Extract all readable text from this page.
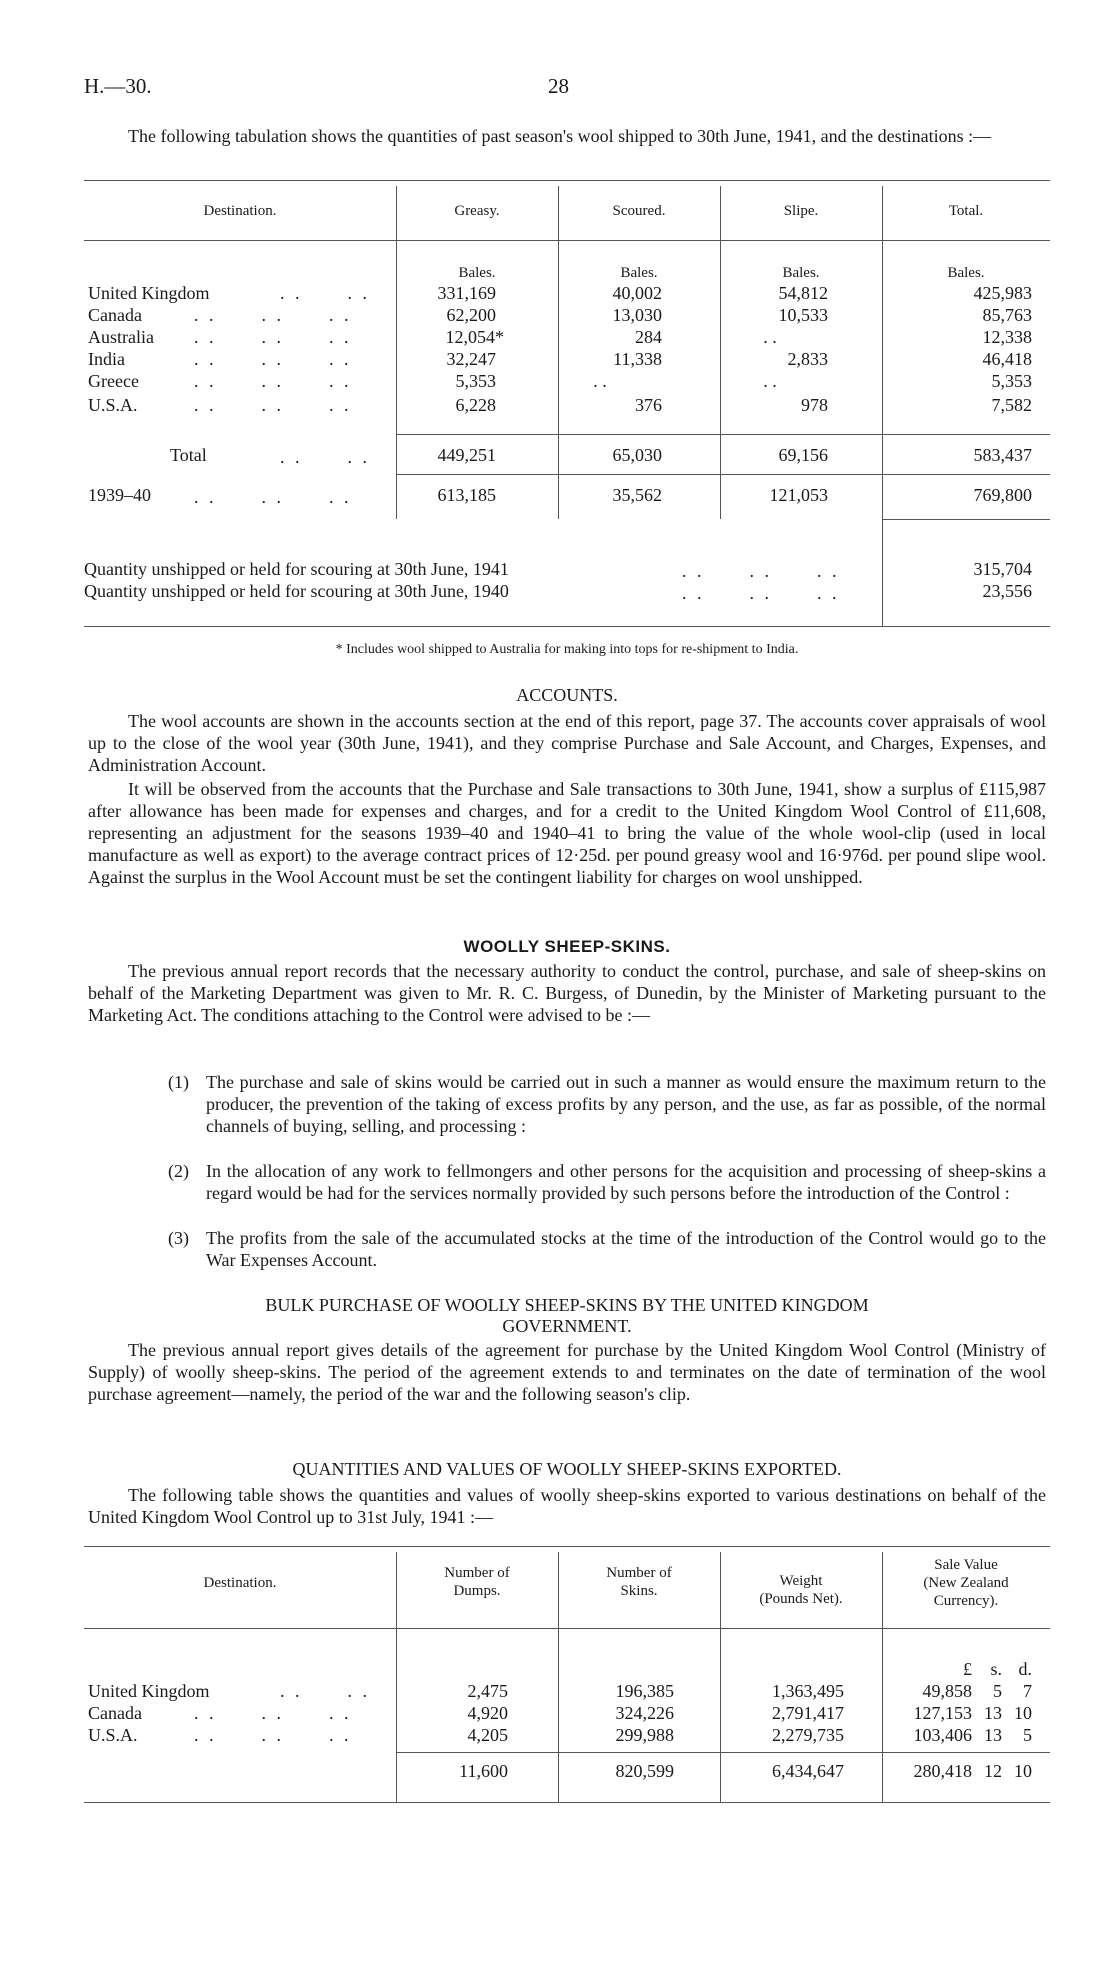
H.—30.	28
The following tabulation shows the quantities of past season's wool shipped to 30th June, 1941, and the destinations :—
Destination.	Greasy.	Scoured.	Slipe.	Total.
Bales.	Bales.	Bales.	Bales.
United Kingdom	. .      . .	331,169	40,002	54,812	425,983
Canada	. .      . .      . .	62,200	13,030	10,533	85,763
Australia . .      . .      . .	12,054*	284	. .	12,338
India	. .      . .      . .	32,247	11,338	2,833	46,418
Greece	. .      . .      . .	5,353	. .	. .	5,353
U.S.A.	. .      . .      . .	6,228	376	978	7,582
Total	. .      . .	449,251	65,030	69,156	583,437
1939–40 . .      . .      . .	613,185	35,562	121,053	769,800
Quantity unshipped or held for scouring at 30th June, 1941	. .      . .      . .	315,704
Quantity unshipped or held for scouring at 30th June, 1940	. .      . .      . .	23,556
* Includes wool shipped to Australia for making into tops for re-shipment to India.
ACCOUNTS.
The wool accounts are shown in the accounts section at the end of this report, page 37. The accounts cover appraisals of wool up to the close of the wool year (30th June, 1941), and they comprise Purchase and Sale Account, and Charges, Expenses, and Administration Account.
It will be observed from the accounts that the Purchase and Sale transactions to 30th June, 1941, show a surplus of £115,987 after allowance has been made for expenses and charges, and for a credit to the United Kingdom Wool Control of £11,608, representing an adjustment for the seasons 1939–40 and 1940–41 to bring the value of the whole wool-clip (used in local manufacture as well as export) to the average contract prices of 12·25d. per pound greasy wool and 16·976d. per pound slipe wool. Against the surplus in the Wool Account must be set the contingent liability for charges on wool unshipped.
WOOLLY SHEEP-SKINS.
The previous annual report records that the necessary authority to conduct the control, purchase, and sale of sheep-skins on behalf of the Marketing Department was given to Mr. R. C. Burgess, of Dunedin, by the Minister of Marketing pursuant to the Marketing Act. The conditions attaching to the Control were advised to be :—
(1) The purchase and sale of skins would be carried out in such a manner as would ensure the maximum return to the producer, the prevention of the taking of excess profits by any person, and the use, as far as possible, of the normal channels of buying, selling, and processing :
(2) In the allocation of any work to fellmongers and other persons for the acquisition and processing of sheep-skins a regard would be had for the services normally provided by such persons before the introduction of the Control :
(3) The profits from the sale of the accumulated stocks at the time of the introduction of the Control would go to the War Expenses Account.
BULK PURCHASE OF WOOLLY SHEEP-SKINS BY THE UNITED KINGDOM
GOVERNMENT.
The previous annual report gives details of the agreement for purchase by the United Kingdom Wool Control (Ministry of Supply) of woolly sheep-skins. The period of the agreement extends to and terminates on the date of termination of the wool purchase agreement—namely, the period of the war and the following season's clip.
QUANTITIES AND VALUES OF WOOLLY SHEEP-SKINS EXPORTED.
The following table shows the quantities and values of woolly sheep-skins exported to various destinations on behalf of the United Kingdom Wool Control up to 31st July, 1941 :—
Destination.
Number of
Dumps.
Number of
Skins.
Weight
(Pounds Net).
Sale Value
(New Zealand
Currency).
£	s. d.
United Kingdom	. .      . .	2,475	196,385	1,363,495	49,858	5	7
Canada	. .      . .      . .	4,920	324,226	2,791,417	127,153 13 10
U.S.A.	. .      . .      . .	4,205	299,988	2,279,735	103,406 13	5
11,600	820,599	6,434,647	280,418 12 10
